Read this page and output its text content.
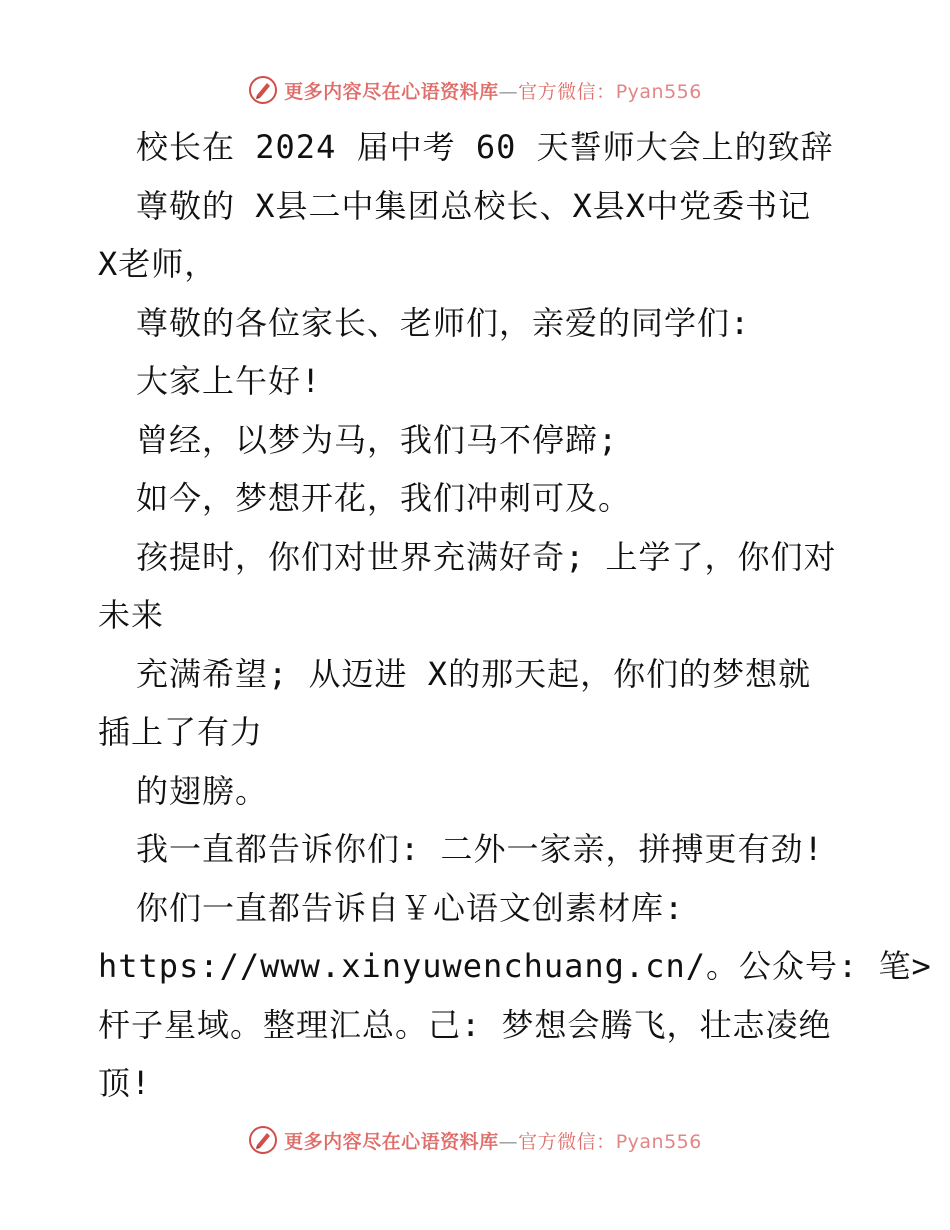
更多内容尽在心语资料库—官方微信：Pyan556
校长在 2024 届中考 60 天誓师大会上的致辞
尊敬的 X县二中集团总校长、X县X中党委书记
X老师，
尊敬的各位家长、老师们，亲爱的同学们:
大家上午好!
曾经，以梦为马，我们马不停蹄;
如今，梦想开花，我们冲刺可及。
孩提时，你们对世界充满好奇; 上学了，你们对
未来
充满希望; 从迈进 X的那天起，你们的梦想就
插上了有力
的翅膀。
我一直都告诉你们: 二外一家亲，拼搏更有劲!
你们一直都告诉自￥心语文创素材库:
https://www.xinyuwenchuang.cn/。公众号: 笔>
杆子星域。整理汇总。己: 梦想会腾飞，壮志凌绝
顶!
更多内容尽在心语资料库—官方微信：Pyan556
